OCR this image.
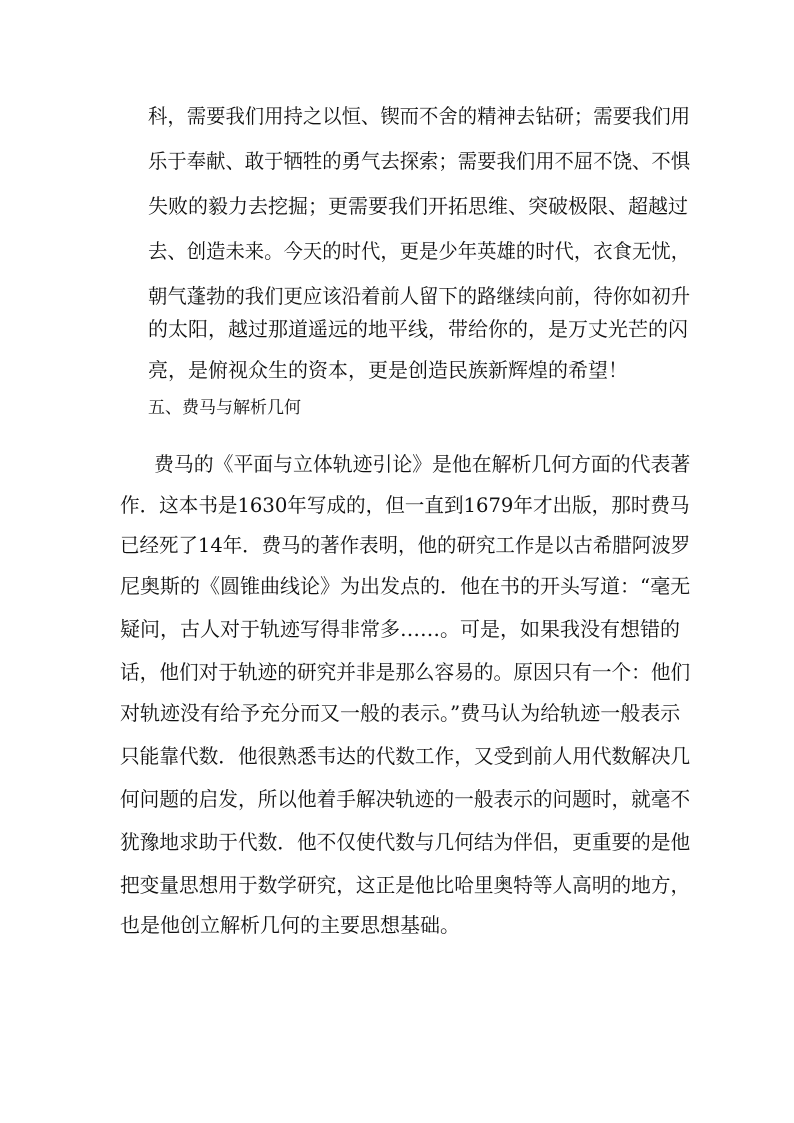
科，需要我们用持之以恒、锲而不舍的精神去钻研；需要我们用
乐于奉献、敢于牺牲的勇气去探索；需要我们用不屈不饶、不惧
失败的毅力去挖掘；更需要我们开拓思维、突破极限、超越过
去、创造未来。今天的时代，更是少年英雄的时代，衣食无忧，
朝气蓬勃的我们更应该沿着前人留下的路继续向前，待你如初升
的太阳，越过那道遥远的地平线，带给你的，是万丈光芒的闪
亮，是俯视众生的资本，更是创造民族新辉煌的希望！
五、费马与解析几何
费马的《平面与立体轨迹引论》是他在解析几何方面的代表著
作．这本书是1630年写成的，但一直到1679年才出版，那时费马
已经死了14年．费马的著作表明，他的研究工作是以古希腊阿波罗
尼奥斯的《圆锥曲线论》为出发点的．他在书的开头写道：“毫无
疑问，古人对于轨迹写得非常多……。可是，如果我没有想错的
话，他们对于轨迹的研究并非是那么容易的。原因只有一个：他们
对轨迹没有给予充分而又一般的表示。”费马认为给轨迹一般表示
只能靠代数．他很熟悉韦达的代数工作，又受到前人用代数解决几
何问题的启发，所以他着手解决轨迹的一般表示的问题时，就毫不
犹豫地求助于代数．他不仅使代数与几何结为伴侣，更重要的是他
把变量思想用于数学研究，这正是他比哈里奥特等人高明的地方，
也是他创立解析几何的主要思想基础。
